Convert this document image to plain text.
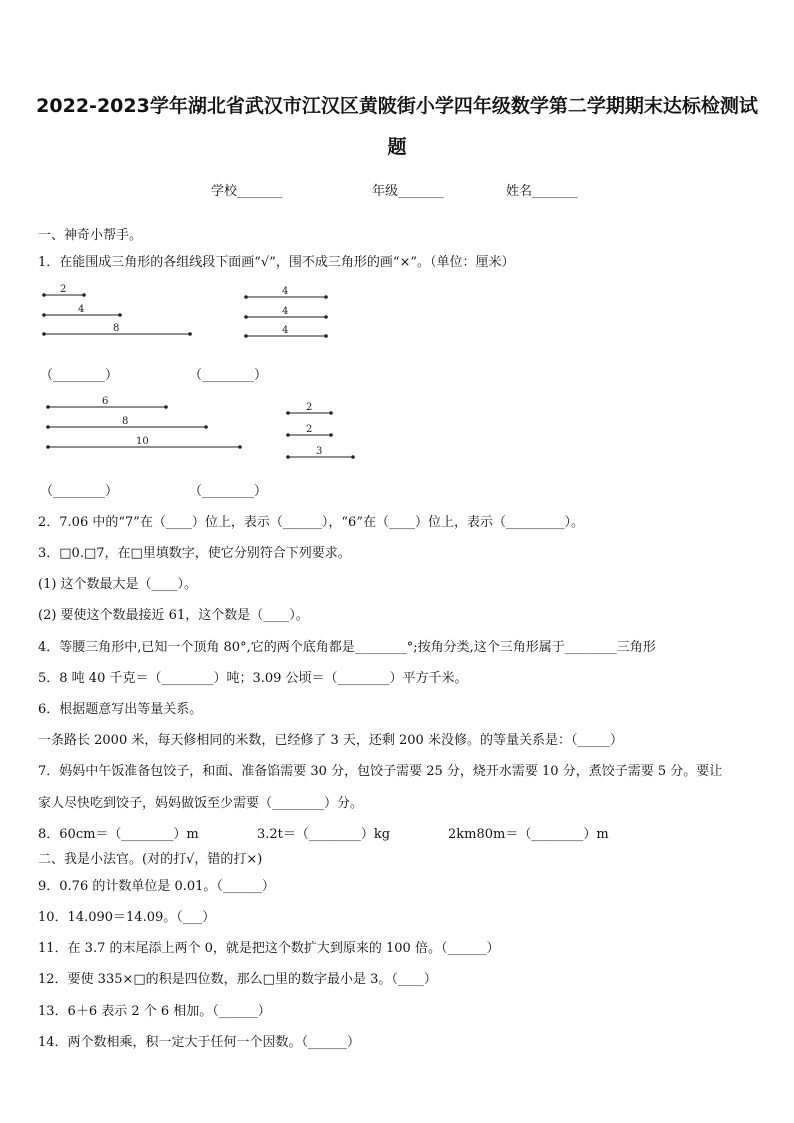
2022-2023学年湖北省武汉市江汉区黄陂街小学四年级数学第二学期期末达标检测试
题
学校_______	年级_______	姓名_______
一、神奇小帮手。
1．在能围成三角形的各组线段下面画“√”，围不成三角形的画“×”。（单位：厘米）
2
4
8
4
4
4
（________）	（________）
6
8
10
2
2
3
（________）	（________）
2．7.06 中的“7”在（____）位上，表示（______），“6”在（____）位上，表示（_________）。
3．□0.□7，在□里填数字，使它分别符合下列要求。
(1) 这个数最大是（____）。
(2) 要使这个数最接近 61，这个数是（____）。
4．等腰三角形中,已知一个顶角 80°,它的两个底角都是________°;按角分类,这个三角形属于________三角形
5．8 吨 40 千克＝（________）吨；3.09 公顷＝（________）平方千米。
6．根据题意写出等量关系。
一条路长 2000 米，每天修相同的米数，已经修了 3 天，还剩 200 米没修。的等量关系是：（_____）
7．妈妈中午饭准备包饺子，和面、准备馅需要 30 分，包饺子需要 25 分，烧开水需要 10 分，煮饺子需要 5 分。要让
家人尽快吃到饺子，妈妈做饭至少需要（________）分。
8．60cm＝（________）m	3.2t＝（________）kg	2km80m＝（________）m
二、我是小法官。(对的打√，错的打×)
9．0.76 的计数单位是 0.01。（______）
10．14.090＝14.09。（___）
11．在 3.7 的末尾添上两个 0，就是把这个数扩大到原来的 100 倍。（______）
12．要使 335×□的积是四位数，那么□里的数字最小是 3。（____）
13．6＋6 表示 2 个 6 相加。（______）
14．两个数相乘，积一定大于任何一个因数。（______）
